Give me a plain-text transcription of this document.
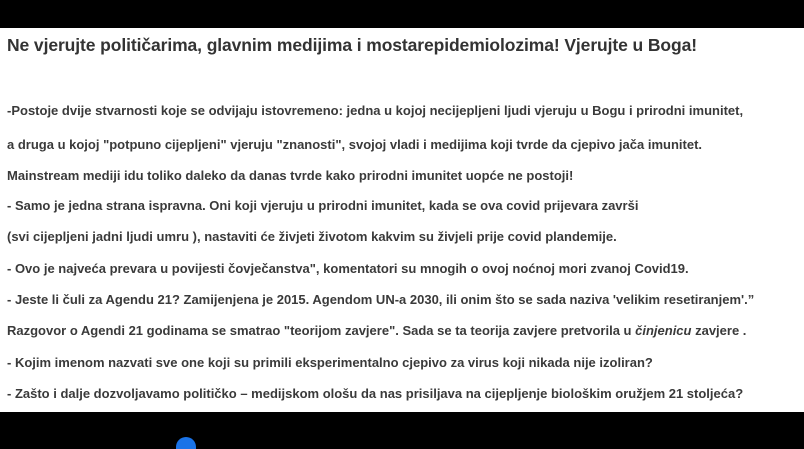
Ne vjerujte političarima, glavnim medijima i mostarepidemiolozima! Vjerujte u Boga!

-Postoje dvije stvarnosti koje se odvijaju istovremeno: jedna u kojoj necijepljeni ljudi vjeruju u Bogu i prirodni imunitet,

a druga u kojoj "potpuno cijepljeni" vjeruju "znanosti", svojoj vladi i medijima koji tvrde da cjepivo jača imunitet.

Mainstream mediji idu toliko daleko da danas tvrde kako prirodni imunitet uopće ne postoji!

- Samo je jedna strana ispravna. Oni koji vjeruju u prirodni imunitet, kada se ova covid prijevara završi

(svi cijepljeni jadni ljudi umru ), nastaviti će živjeti životom kakvim su živjeli prije covid plandemije.

- Ovo je najveća prevara u povijesti čovječanstva", komentatori su mnogih o ovoj noćnoj mori zvanoj Covid19.

- Jeste li čuli za Agendu 21? Zamijenjena je 2015. Agendom UN-a 2030, ili onim što se sada naziva 'velikim resetiranjem'.”

Razgovor o Agendi 21 godinama se smatrao "teorijom zavjere". Sada se ta teorija zavjere pretvorila u činjenicu zavjere .

- Kojim imenom nazvati sve one koji su primili eksperimentalno cjepivo za virus koji nikada nije izoliran?

- Zašto i dalje dozvoljavamo političko – medijskom ološu da nas prisiljava na cijepljenje biološkim oružjem 21 stoljeća?
